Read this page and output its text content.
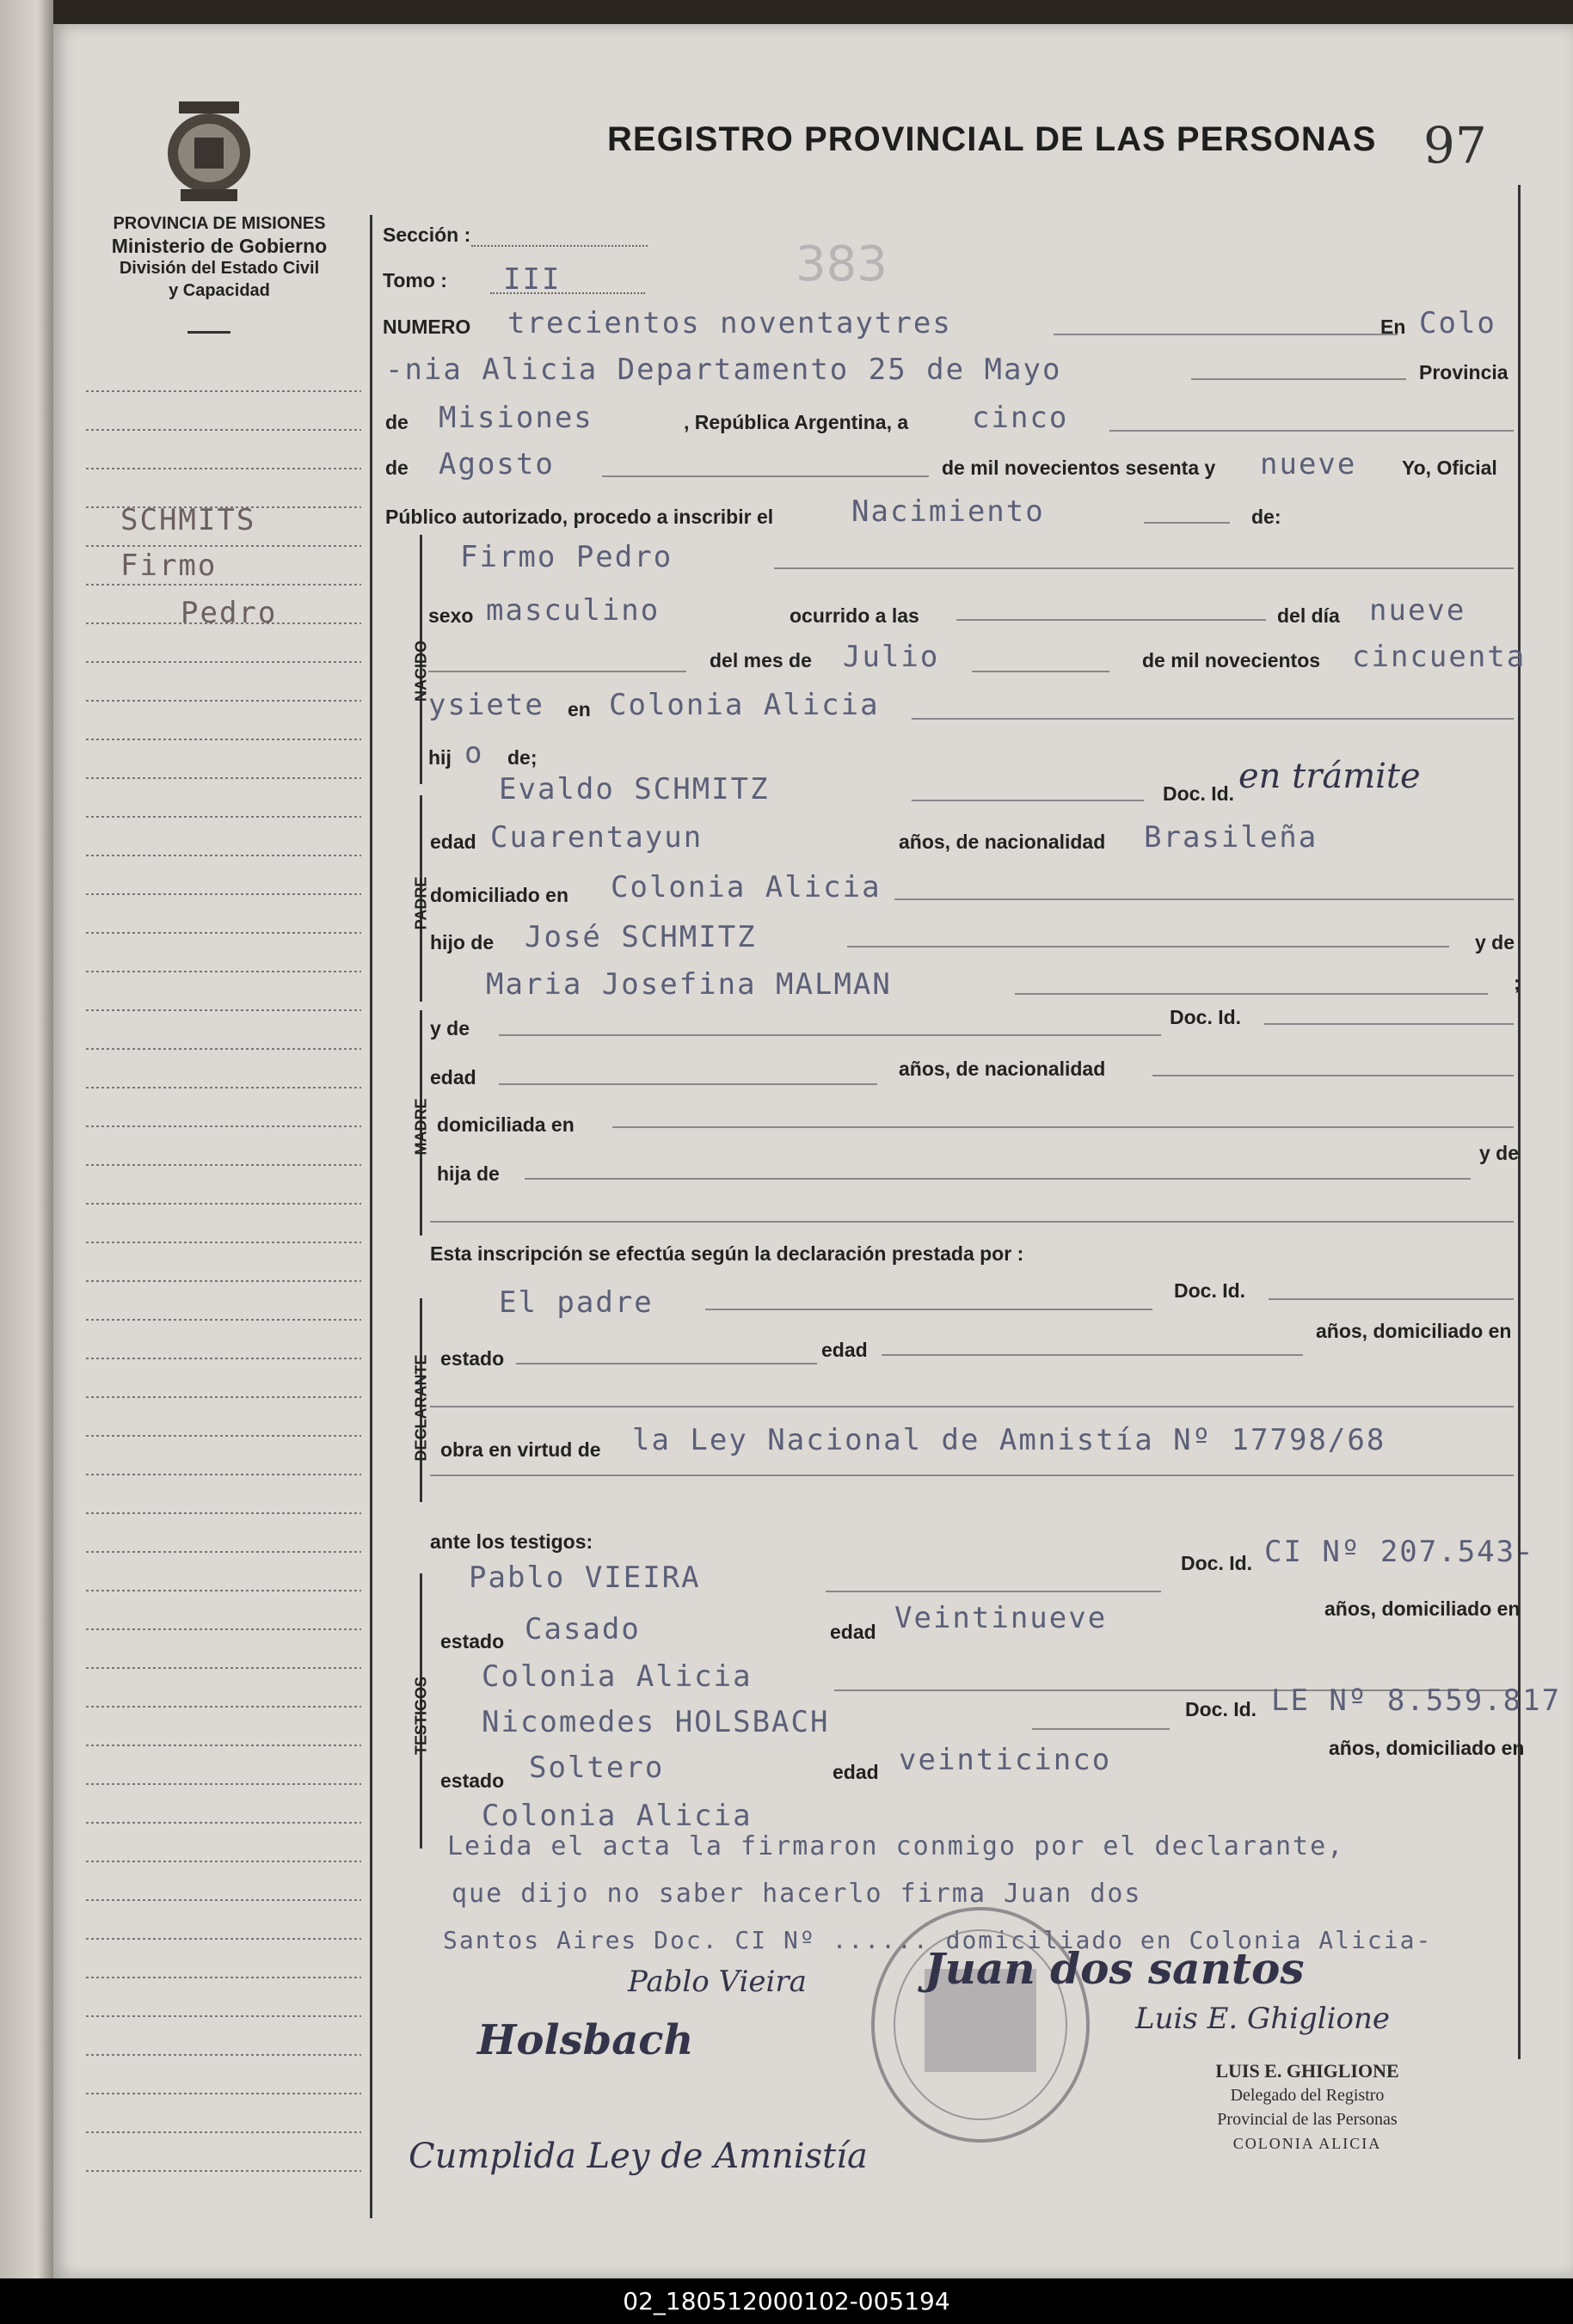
PROVINCIA DE MISIONES
Ministerio de Gobierno
División del Estado Civil
y Capacidad
REGISTRO PROVINCIAL DE LAS PERSONAS 97
383
SCHMITS
Firmo
Pedro
NACIDO
PADRE
MADRE
DECLARANTE
TESTIGOS
Sección :
Tomo : III
NUMERO trecientos noventaytres	En Colo
-nia Alicia Departamento 25 de Mayo	Provincia
de Misiones	, República Argentina, a cinco
de Agosto	de mil novecientos sesenta y nueve Yo, Oficial
Público autorizado, procedo a inscribir el	Nacimiento	de:
Firmo Pedro
sexo masculino	ocurrido a las	del día nueve
del mes de Julio	de mil novecientos cincuenta
ysiete en Colonia Alicia
hij o de;
Evaldo SCHMITZ	Doc. Id. en trámite
edad Cuarentayun	años, de nacionalidad Brasileña
domiciliado en Colonia Alicia
hijo de José SCHMITZ	y de
Maria Josefina MALMAN	;
y de	Doc. Id.
edad	años, de nacionalidad
domiciliada en
hija de
y de
Esta inscripción se efectúa según la declaración prestada por :
El padre	Doc. Id.
estado	edad
años, domiciliado en
obra en virtud de la Ley Nacional de Amnistía Nº 17798/68
ante los testigos:
Pablo VIEIRA	Doc. Id. CI Nº 207.543-
estado Casado	edad Veintinueve	años, domiciliado en
Colonia Alicia
Nicomedes HOLSBACH	Doc. Id. LE Nº 8.559.817
estado Soltero	edad veinticinco	años, domiciliado en
Colonia Alicia
Leida el acta la firmaron conmigo por el declarante,
que dijo no saber hacerlo firma Juan dos
Santos Aires Doc. CI Nº ...... domiciliado en Colonia Alicia-
Pablo Vieira	Juan dos santos
Luis E. Ghiglione
Holsbach
LUIS E. GHIGLIONE
Delegado del Registro
Provincial de las Personas
COLONIA ALICIA
Cumplida Ley de Amnistía
02_180512000102-005194
